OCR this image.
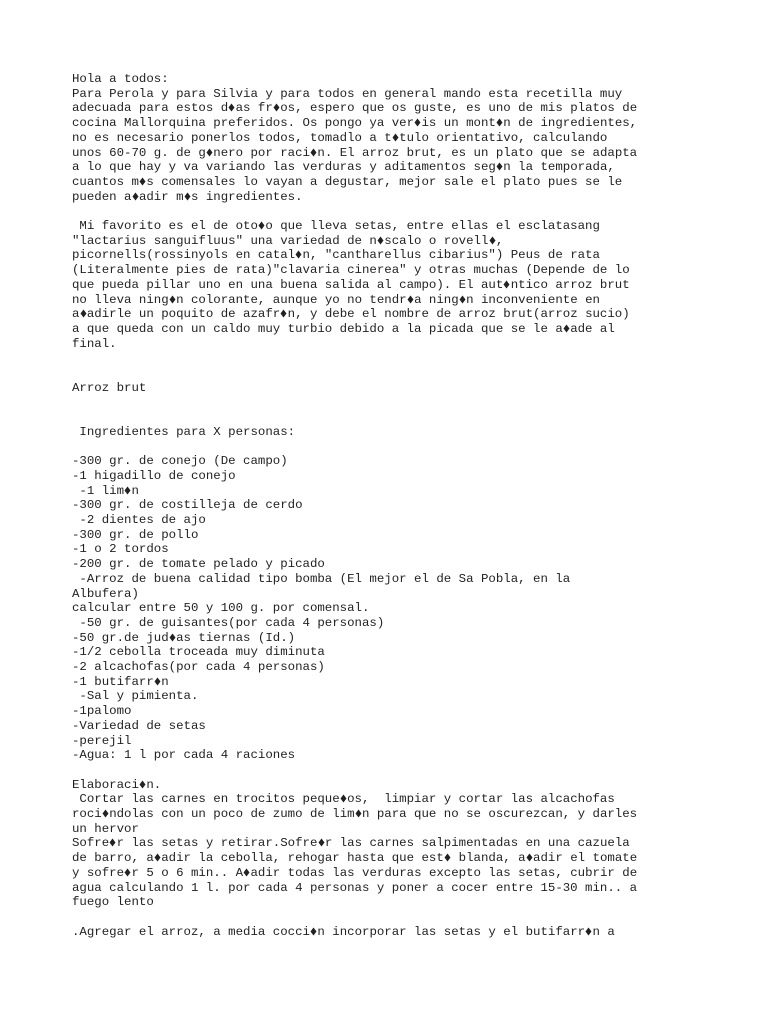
Hola a todos:
Para Perola y para Silvia y para todos en general mando esta recetilla muy
adecuada para estos d as fr os, espero que os guste, es uno de mis platos de
cocina Mallorquina preferidos. Os pongo ya ver is un mont n de ingredientes,
no es necesario ponerlos todos, tomadlo a t tulo orientativo, calculando
unos 60-70 g. de g nero por raci n. El arroz brut, es un plato que se adapta
a lo que hay y va variando las verduras y aditamentos seg n la temporada,
cuantos m s comensales lo vayan a degustar, mejor sale el plato pues se le
pueden a adir m s ingredientes.
Mi favorito es el de oto o que lleva setas, entre ellas el esclatasang
"lactarius sanguifluus" una variedad de n scalo o rovell ,
picornells(rossinyols en catal n, "cantharellus cibarius") Peus de rata
(Literalmente pies de rata)"clavaria cinerea" y otras muchas (Depende de lo
que pueda pillar uno en una buena salida al campo). El aut ntico arroz brut
no lleva ning n colorante, aunque yo no tendr a ning n inconveniente en
a adirle un poquito de azafr n, y debe el nombre de arroz brut(arroz sucio)
a que queda con un caldo muy turbio debido a la picada que se le a ade al
final.
Arroz brut
Ingredientes para X personas:
-300 gr. de conejo (De campo)
-1 higadillo de conejo
-1 lim n
-300 gr. de costilleja de cerdo
-2 dientes de ajo
-300 gr. de pollo
-1 o 2 tordos
-200 gr. de tomate pelado y picado
-Arroz de buena calidad tipo bomba (El mejor el de Sa Pobla, en la
Albufera)
calcular entre 50 y 100 g. por comensal.
-50 gr. de guisantes(por cada 4 personas)
-50 gr.de jud as tiernas (Id.)
-1/2 cebolla troceada muy diminuta
-2 alcachofas(por cada 4 personas)
-1 butifarr n
-Sal y pimienta.
-1palomo
-Variedad de setas
-perejil
-Agua: 1 l por cada 4 raciones
Elaboraci n.
Cortar las carnes en trocitos peque os,  limpiar y cortar las alcachofas
roci ndolas con un poco de zumo de lim n para que no se oscurezcan, y darles
un hervor
Sofre r las setas y retirar.Sofre r las carnes salpimentadas en una cazuela
de barro, a adir la cebolla, rehogar hasta que est blanda, a adir el tomate
y sofre r 5 o 6 min.. A adir todas las verduras excepto las setas, cubrir de
agua calculando 1 l. por cada 4 personas y poner a cocer entre 15-30 min.. a
fuego lento
.Agregar el arroz, a media cocci n incorporar las setas y el butifarr n a
